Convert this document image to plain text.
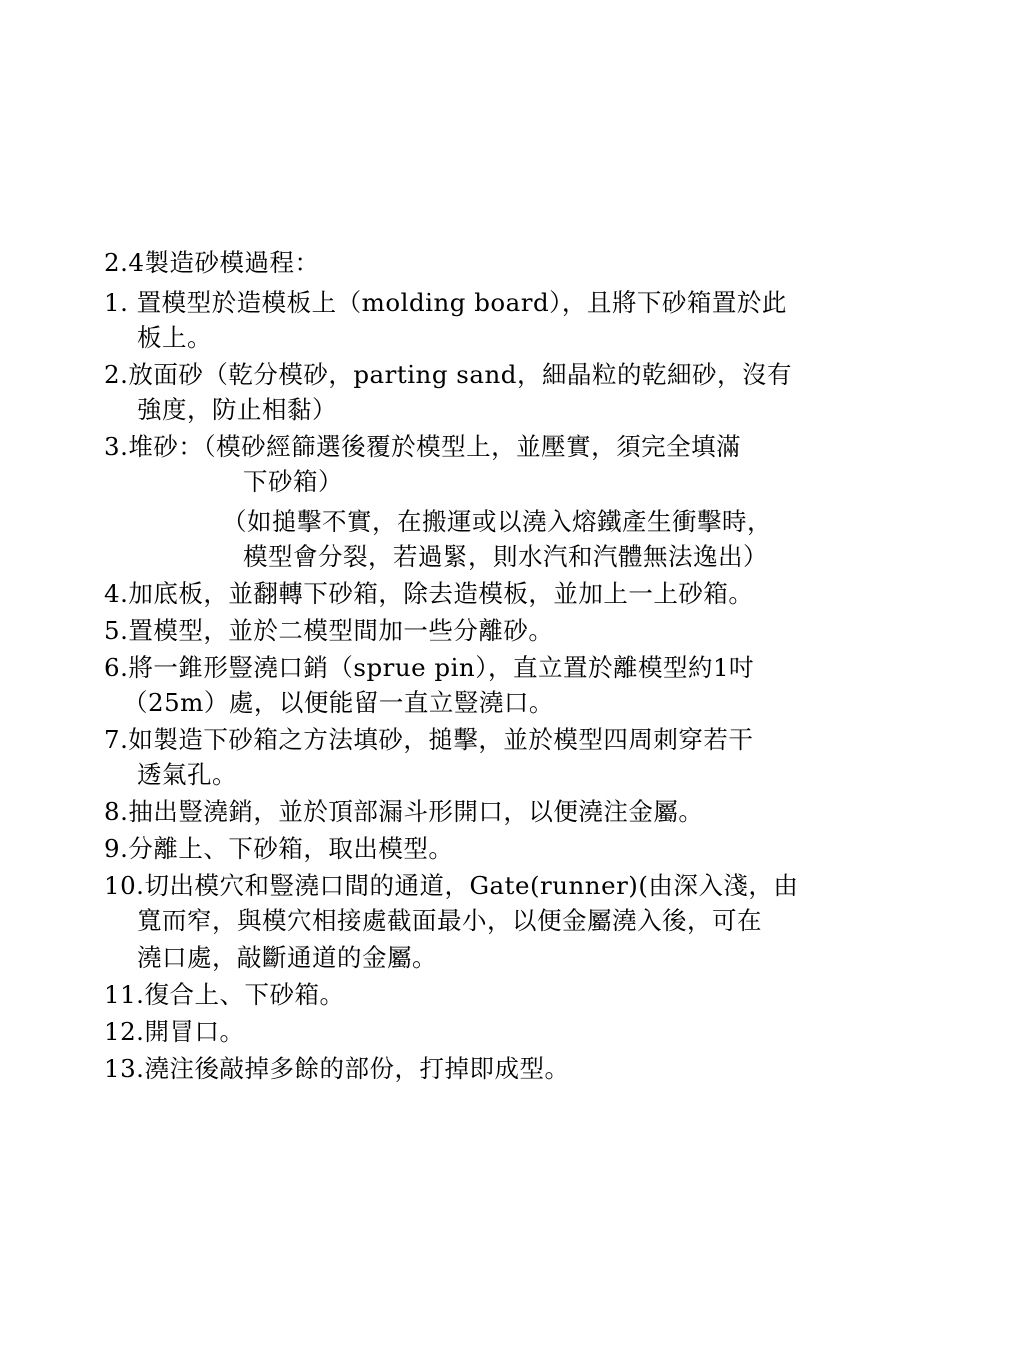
2.4製造砂模過程：
1. 置模型於造模板上（molding board），且將下砂箱置於此
板上。
2.放面砂（乾分模砂，parting sand，細晶粒的乾細砂，沒有
強度，防止相黏）
3.堆砂：（模砂經篩選後覆於模型上，並壓實，須完全填滿
下砂箱）
（如搥擊不實，在搬運或以澆入熔鐵產生衝擊時，
模型會分裂，若過緊，則水汽和汽體無法逸出）
4.加底板，並翻轉下砂箱，除去造模板，並加上一上砂箱。
5.置模型，並於二模型間加一些分離砂。
6.將一錐形豎澆口銷（sprue pin），直立置於離模型約1吋
（25m）處，以便能留一直立豎澆口。
7.如製造下砂箱之方法填砂，搥擊，並於模型四周刺穿若干
透氣孔。
8.抽出豎澆銷，並於頂部漏斗形開口，以便澆注金屬。
9.分離上、下砂箱，取出模型。
10.切出模穴和豎澆口間的通道，Gate(runner)(由深入淺，由
寬而窄，與模穴相接處截面最小，以便金屬澆入後，可在
澆口處，敲斷通道的金屬。
11.復合上、下砂箱。
12.開冒口。
13.澆注後敲掉多餘的部份，打掉即成型。
